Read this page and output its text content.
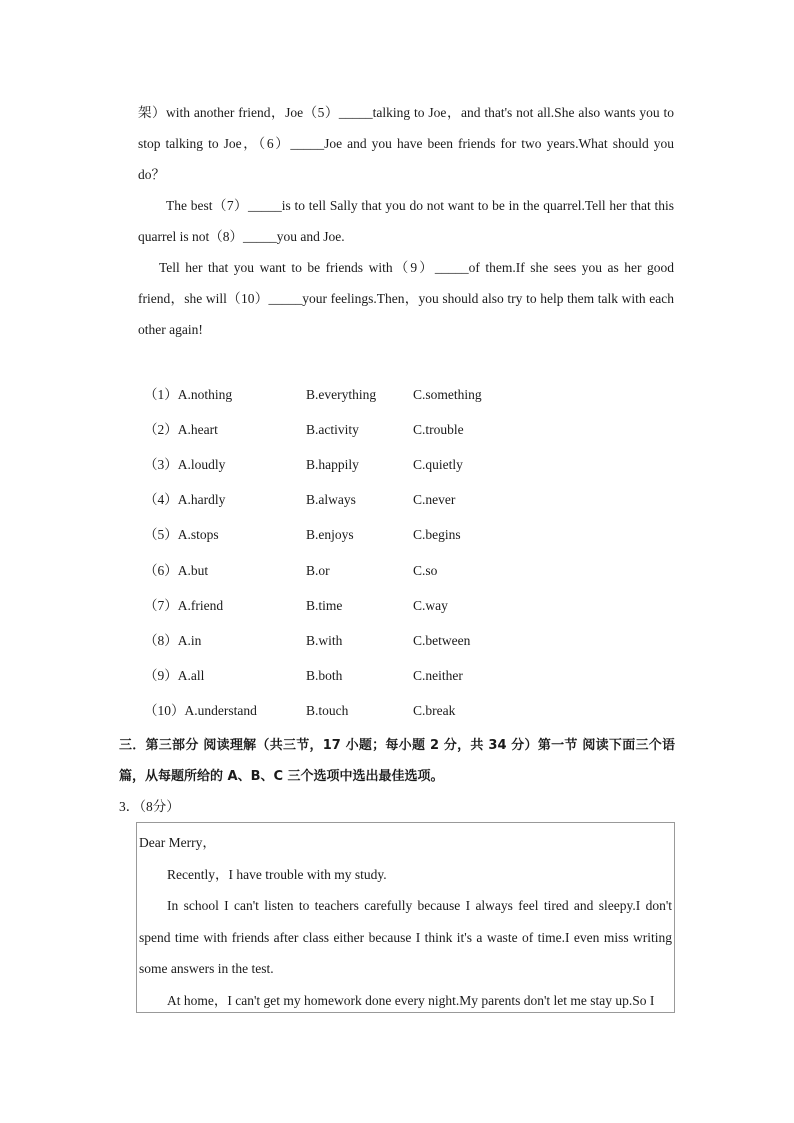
架）with another friend，Joe（5）_____talking to Joe，and that's not all.She also wants you to stop talking to Joe，（6）_____Joe and you have been friends for two years.What should you do？

The best（7）_____is to tell Sally that you do not want to be in the quarrel.Tell her that this quarrel is not（8）_____you and Joe.

Tell her that you want to be friends with（9）_____of them.If she sees you as her good friend，she will（10）_____your feelings.Then，you should also try to help them talk with each other again!

（1）A.nothing	B.everything	C.something
（2）A.heart	B.activity	C.trouble
（3）A.loudly	B.happily	C.quietly
（4）A.hardly	B.always	C.never
（5）A.stops	B.enjoys	C.begins
（6）A.but	B.or	C.so
（7）A.friend	B.time	C.way
（8）A.in	B.with	C.between
（9）A.all	B.both	C.neither
（10）A.understand	B.touch	C.break

三．第三部分 阅读理解（共三节，17 小题；每小题 2 分，共 34 分）第一节 阅读下面三个语篇，从每题所给的 A、B、C 三个选项中选出最佳选项。

3．（8分）

Dear Merry，

Recently，I have trouble with my study.

In school I can't listen to teachers carefully because I always feel tired and sleepy.I don't spend time with friends after class either because I think it's a waste of time.I even miss writing some answers in the test.

At home，I can't get my homework done every night.My parents don't let me stay up.So I
